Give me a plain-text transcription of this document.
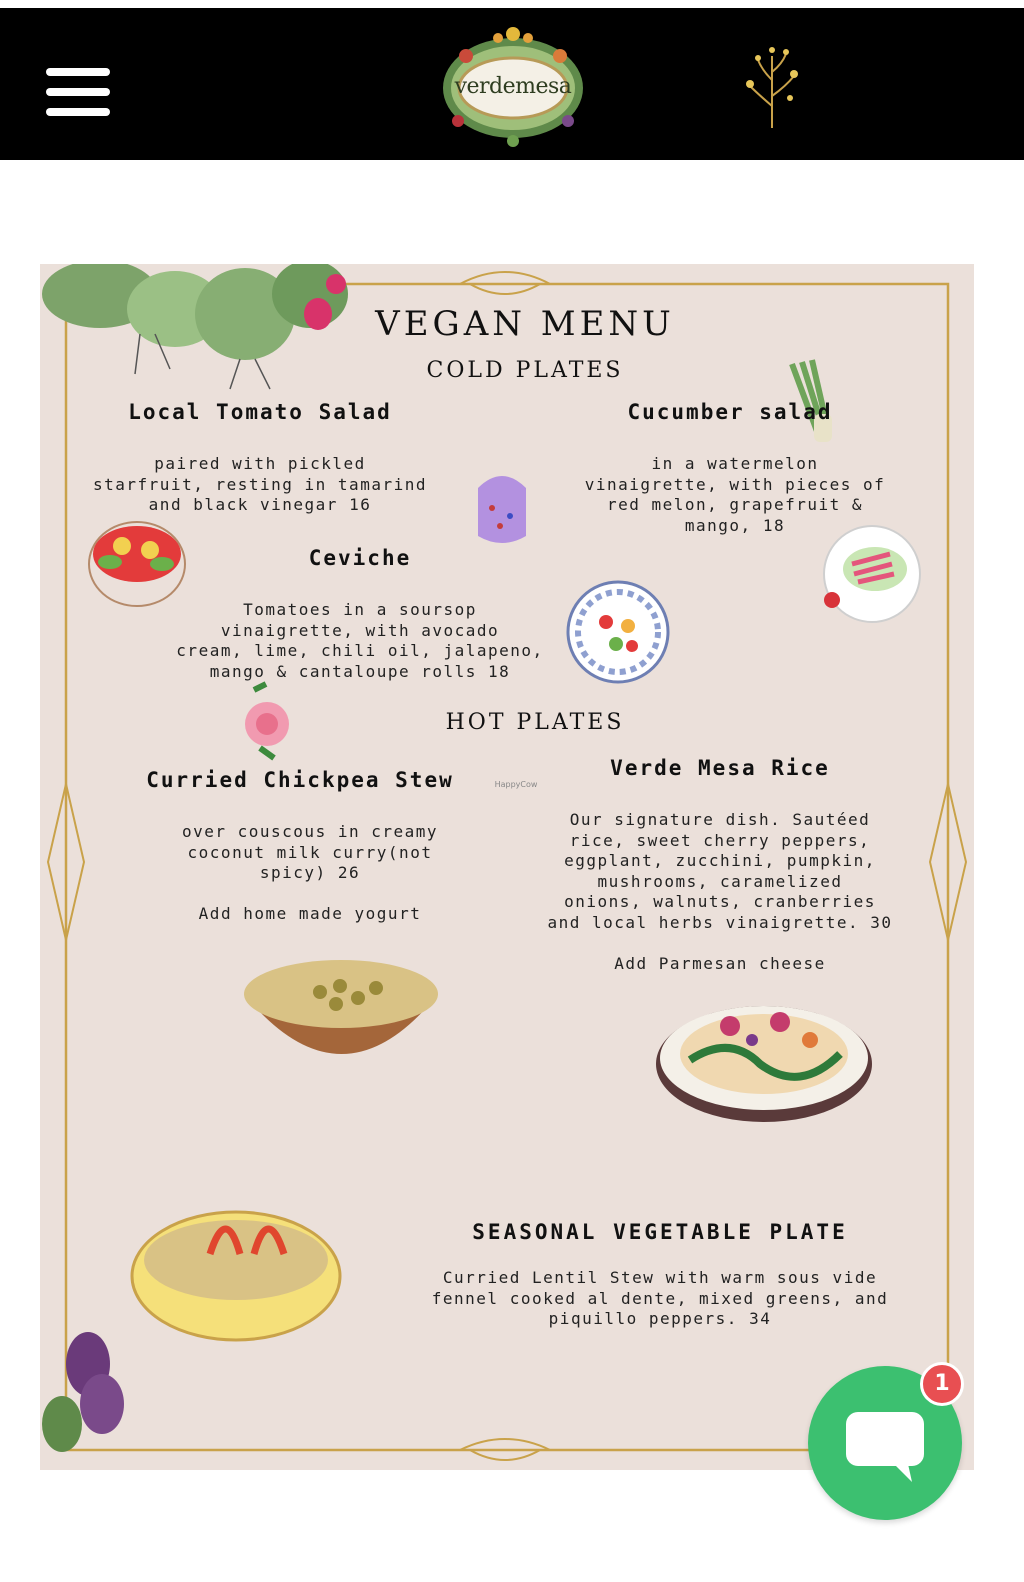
verdemesa
VEGAN MENU
COLD PLATES
Local Tomato Salad
paired with pickled
starfruit, resting in tamarind
and black vinegar 16
Cucumber salad
in a watermelon
vinaigrette, with pieces of
red melon, grapefruit &
mango, 18
Ceviche
Tomatoes in a soursop
vinaigrette, with avocado
cream, lime, chili oil, jalapeno,
mango & cantaloupe rolls 18
HOT PLATES
Curried Chickpea Stew	HappyCow
over couscous in creamy
coconut milk curry(not
spicy) 26
Add home made yogurt
Verde Mesa Rice
Our signature dish. Sautéed
rice, sweet cherry peppers,
eggplant, zucchini, pumpkin,
mushrooms, caramelized
onions, walnuts, cranberries
and local herbs vinaigrette. 30
Add Parmesan cheese
SEASONAL VEGETABLE PLATE
Curried Lentil Stew with warm sous vide
fennel cooked al dente, mixed greens, and
piquillo peppers. 34
1
